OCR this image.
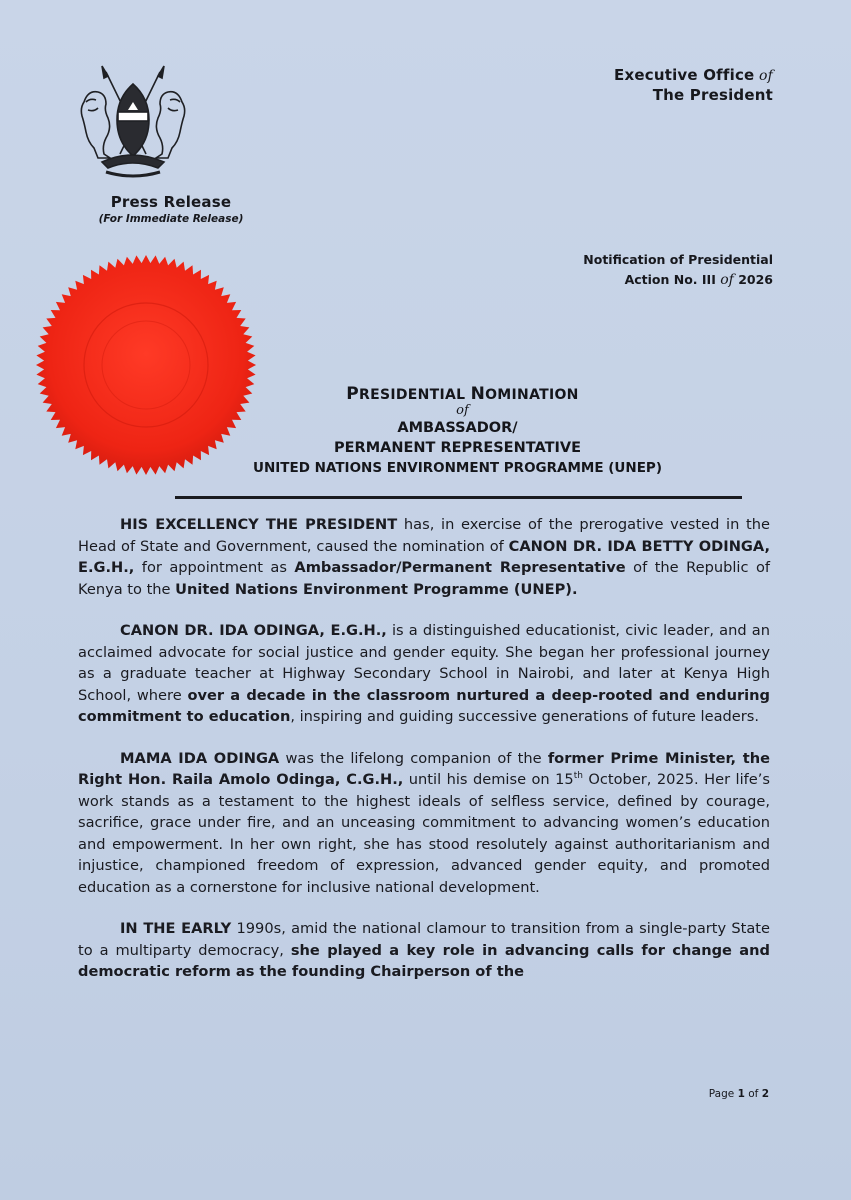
Executive Office of
The President
Press Release
(For Immediate Release)
Notification of Presidential
Action No. III of 2026
PRESIDENTIAL NOMINATION
of
AMBASSADOR/
PERMANENT REPRESENTATIVE
UNITED NATIONS ENVIRONMENT PROGRAMME (UNEP)

HIS EXCELLENCY THE PRESIDENT has, in exercise of the prerogative vested in the Head of State and Government, caused the nomination of CANON DR. IDA BETTY ODINGA, E.G.H., for appointment as Ambassador/Permanent Representative of the Republic of Kenya to the United Nations Environment Programme (UNEP).

CANON DR. IDA ODINGA, E.G.H., is a distinguished educationist, civic leader, and an acclaimed advocate for social justice and gender equity. She began her professional journey as a graduate teacher at Highway Secondary School in Nairobi, and later at Kenya High School, where over a decade in the classroom nurtured a deep-rooted and enduring commitment to education, inspiring and guiding successive generations of future leaders.

MAMA IDA ODINGA was the lifelong companion of the former Prime Minister, the Right Hon. Raila Amolo Odinga, C.G.H., until his demise on 15th October, 2025. Her life’s work stands as a testament to the highest ideals of selfless service, defined by courage, sacrifice, grace under fire, and an unceasing commitment to advancing women’s education and empowerment. In her own right, she has stood resolutely against authoritarianism and injustice, championed freedom of expression, advanced gender equity, and promoted education as a cornerstone for inclusive national development.

IN THE EARLY 1990s, amid the national clamour to transition from a single-party State to a multiparty democracy, she played a key role in advancing calls for change and democratic reform as the founding Chairperson of the

Page 1 of 2
